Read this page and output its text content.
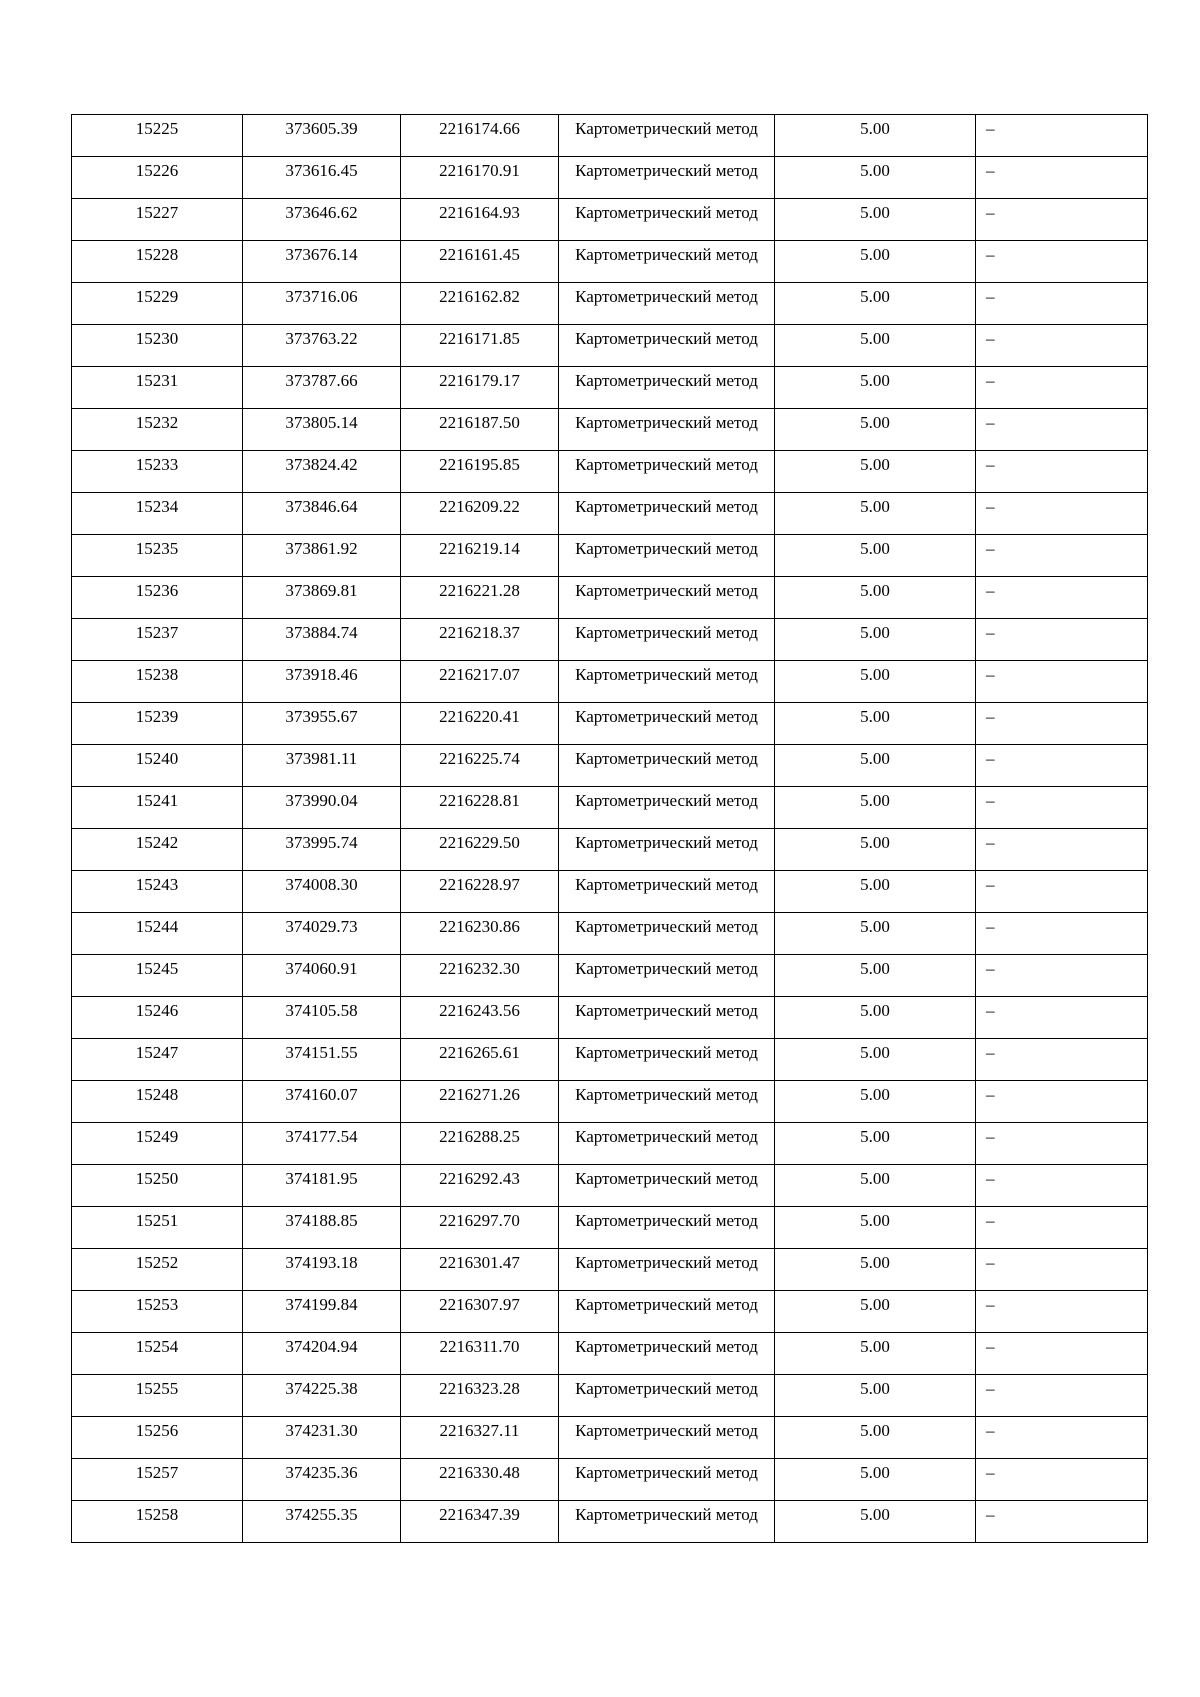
15225	373605.39	2216174.66	Картометрический метод	5.00	–
15226	373616.45	2216170.91	Картометрический метод	5.00	–
15227	373646.62	2216164.93	Картометрический метод	5.00	–
15228	373676.14	2216161.45	Картометрический метод	5.00	–
15229	373716.06	2216162.82	Картометрический метод	5.00	–
15230	373763.22	2216171.85	Картометрический метод	5.00	–
15231	373787.66	2216179.17	Картометрический метод	5.00	–
15232	373805.14	2216187.50	Картометрический метод	5.00	–
15233	373824.42	2216195.85	Картометрический метод	5.00	–
15234	373846.64	2216209.22	Картометрический метод	5.00	–
15235	373861.92	2216219.14	Картометрический метод	5.00	–
15236	373869.81	2216221.28	Картометрический метод	5.00	–
15237	373884.74	2216218.37	Картометрический метод	5.00	–
15238	373918.46	2216217.07	Картометрический метод	5.00	–
15239	373955.67	2216220.41	Картометрический метод	5.00	–
15240	373981.11	2216225.74	Картометрический метод	5.00	–
15241	373990.04	2216228.81	Картометрический метод	5.00	–
15242	373995.74	2216229.50	Картометрический метод	5.00	–
15243	374008.30	2216228.97	Картометрический метод	5.00	–
15244	374029.73	2216230.86	Картометрический метод	5.00	–
15245	374060.91	2216232.30	Картометрический метод	5.00	–
15246	374105.58	2216243.56	Картометрический метод	5.00	–
15247	374151.55	2216265.61	Картометрический метод	5.00	–
15248	374160.07	2216271.26	Картометрический метод	5.00	–
15249	374177.54	2216288.25	Картометрический метод	5.00	–
15250	374181.95	2216292.43	Картометрический метод	5.00	–
15251	374188.85	2216297.70	Картометрический метод	5.00	–
15252	374193.18	2216301.47	Картометрический метод	5.00	–
15253	374199.84	2216307.97	Картометрический метод	5.00	–
15254	374204.94	2216311.70	Картометрический метод	5.00	–
15255	374225.38	2216323.28	Картометрический метод	5.00	–
15256	374231.30	2216327.11	Картометрический метод	5.00	–
15257	374235.36	2216330.48	Картометрический метод	5.00	–
15258	374255.35	2216347.39	Картометрический метод	5.00	–
